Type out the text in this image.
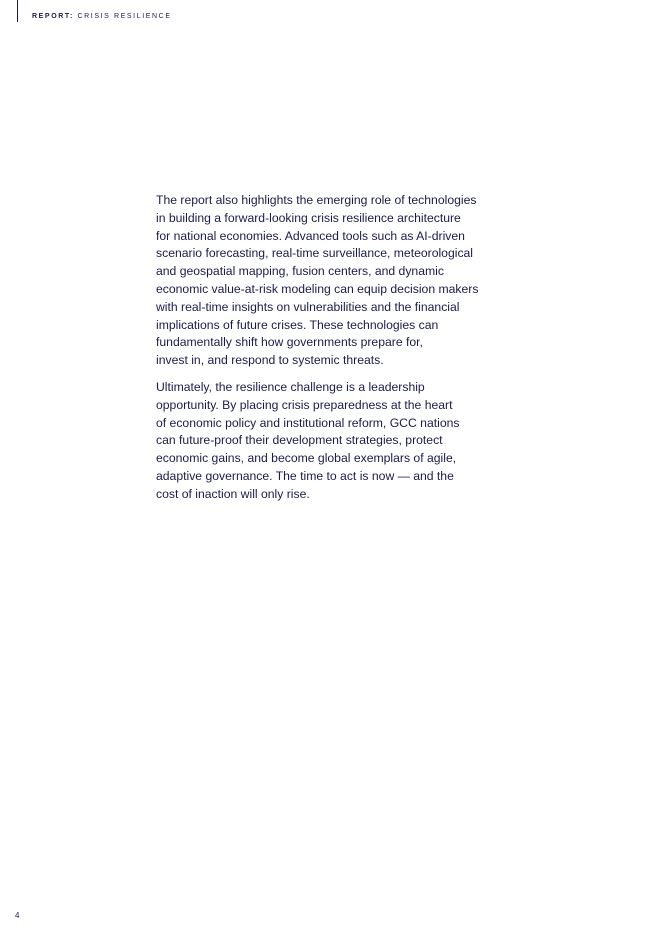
REPORT: CRISIS RESILIENCE

The report also highlights the emerging role of technologies
in building a forward-looking crisis resilience architecture
for national economies. Advanced tools such as AI-driven
scenario forecasting, real-time surveillance, meteorological
and geospatial mapping, fusion centers, and dynamic
economic value-at-risk modeling can equip decision makers
with real-time insights on vulnerabilities and the financial
implications of future crises. These technologies can
fundamentally shift how governments prepare for,
invest in, and respond to systemic threats.

Ultimately, the resilience challenge is a leadership
opportunity. By placing crisis preparedness at the heart
of economic policy and institutional reform, GCC nations
can future-proof their development strategies, protect
economic gains, and become global exemplars of agile,
adaptive governance. The time to act is now — and the
cost of inaction will only rise.

4
